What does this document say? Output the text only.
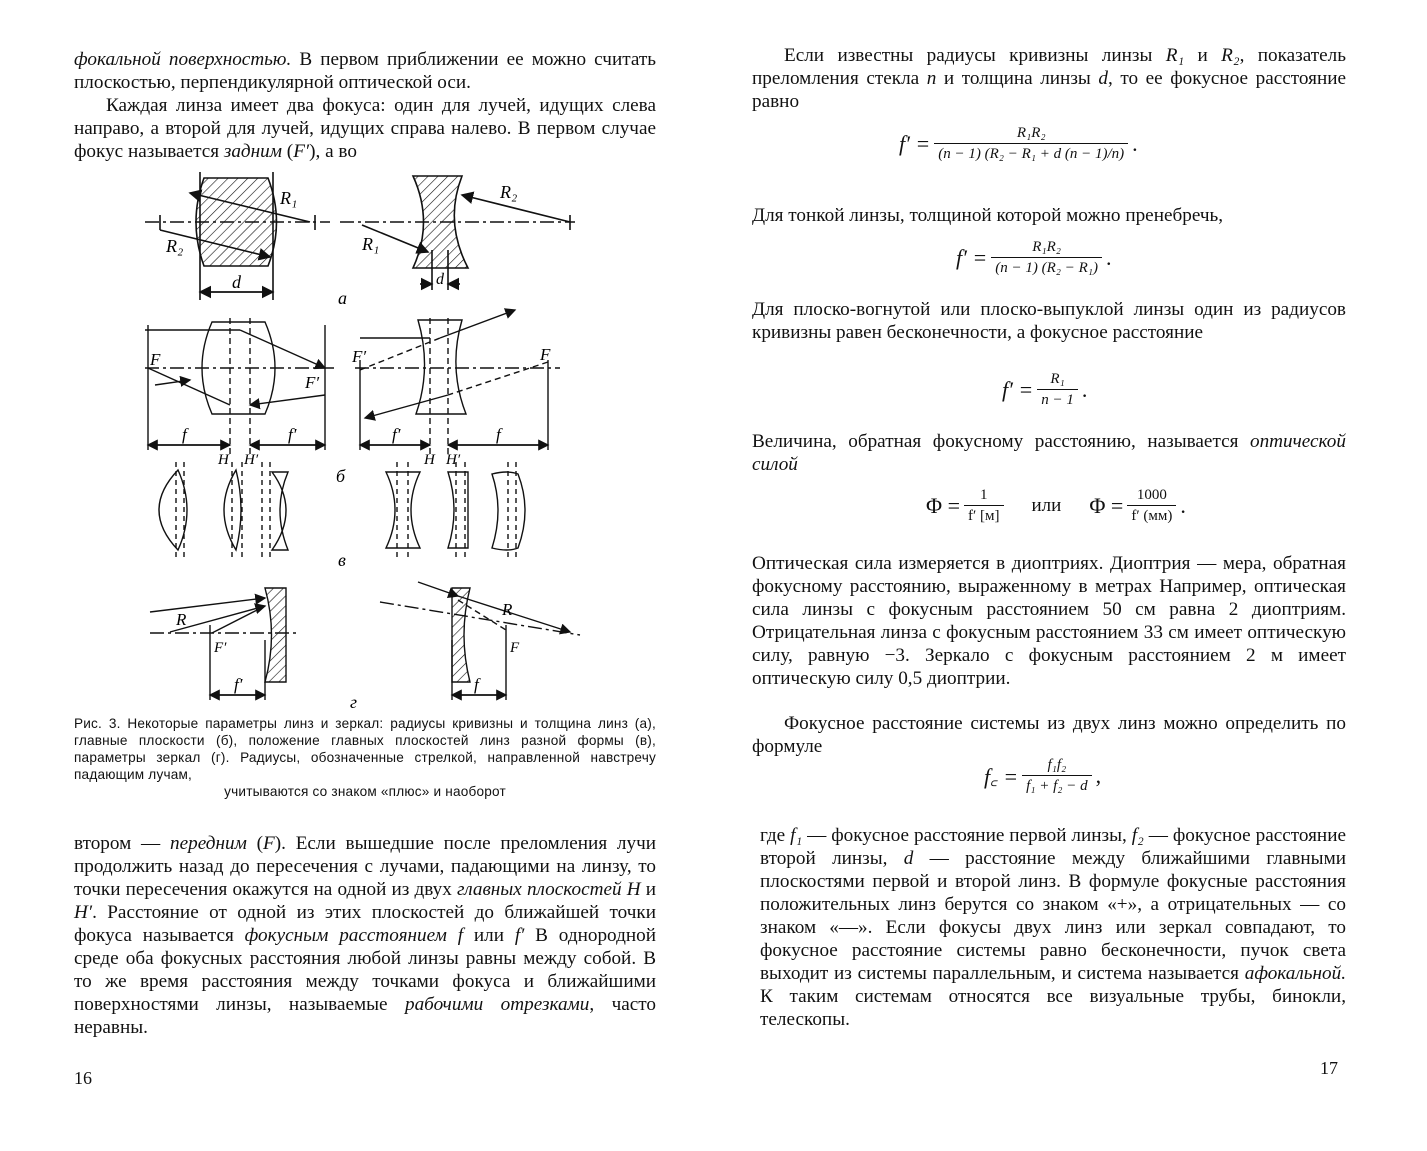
фокальной поверхностью. В первом приближении ее можно считать плоскостью, перпендикулярной оптической оси.

Каждая линза имеет два фокуса: один для лучей, идущих слева направо, а второй для лучей, идущих справа налево. В первом случае фокус называется задним (F′), а во

R₁
R₂
d
R₂
R₁
d
а
F
F′
f	f′
H H′
F′	F
f′	f
H H′
б
в
R
F′
f′
R
F
f
г
Рис. 3. Некоторые параметры линз и зеркал: радиусы кривизны и толщина линз (а), главные плоскости (б), положение главных плоскостей линз разной формы (в), параметры зеркал (г). Радиусы, обозначенные стрелкой, направленной навстречу падающим лучам,
учитываются со знаком «плюс» и наоборот

втором — передним (F). Если вышедшие после преломления лучи продолжить назад до пересечения с лучами, падающими на линзу, то точки пересечения окажутся на одной из двух главных плоскостей H и H′. Расстояние от одной из этих плоскостей до ближайшей точки фокуса называется фокусным расстоянием f или f′ В однородной среде оба фокусных расстояния любой линзы равны между собой. В то же время расстояния между точками фокуса и ближайшими поверхностями линзы, называемые рабочими отрезками, часто неравны.

16
Если известны радиусы кривизны линзы R₁ и R₂, показатель преломления стекла n и толщина линзы d, то ее фокусное расстояние равно
$f' = \frac{\text{R₁R₂}}{\text{(n − 1) (R₂ − R₁ + d (n − 1)/n)}}$ .
Для тонкой линзы, толщиной которой можно пренебречь,
$f' = \frac{\text{R₁R₂}}{\text{(n − 1) (R₂ − R₁)}}$ .
Для плоско-вогнутой или плоско-выпуклой линзы один из радиусов кривизны равен бесконечности, а фокусное расстояние
$f' = \frac{\text{R₁}}{n - 1}$ .
Величина, обратная фокусному расстоянию, называется оптической силой
$\Phi = \frac{1}{f' [м]}$ или $\Phi = \frac{1000}{f' (мм)}$ .
Оптическая сила измеряется в диоптриях. Диоптрия — мера, обратная фокусному расстоянию, выраженному в метрах Например, оптическая сила линзы с фокусным расстоянием 50 см равна 2 диоптриям. Отрицательная линза с фокусным расстоянием 33 см имеет оптическую силу, равную −3. Зеркало с фокусным расстоянием 2 м имеет оптическую силу 0,5 диоптрии.
Фокусное расстояние системы из двух линз можно определить по формуле
f꜀ = $\frac{\text{f₁f₂}}{\text{f₁ + f₂ − d}}$ ,
где f₁ — фокусное расстояние первой линзы, f₂ — фокусное расстояние второй линзы, d — расстояние между ближайшими главными плоскостями первой и второй линз. В формуле фокусные расстояния положительных линз берутся со знаком «+», а отрицательных — со знаком «—». Если фокусы двух линз или зеркал совпадают, то фокусное расстояние системы равно бесконечности, пучок света выходит из системы параллельным, и система называется афокальной. К таким системам относятся все визуальные трубы, бинокли, телескопы.
17
